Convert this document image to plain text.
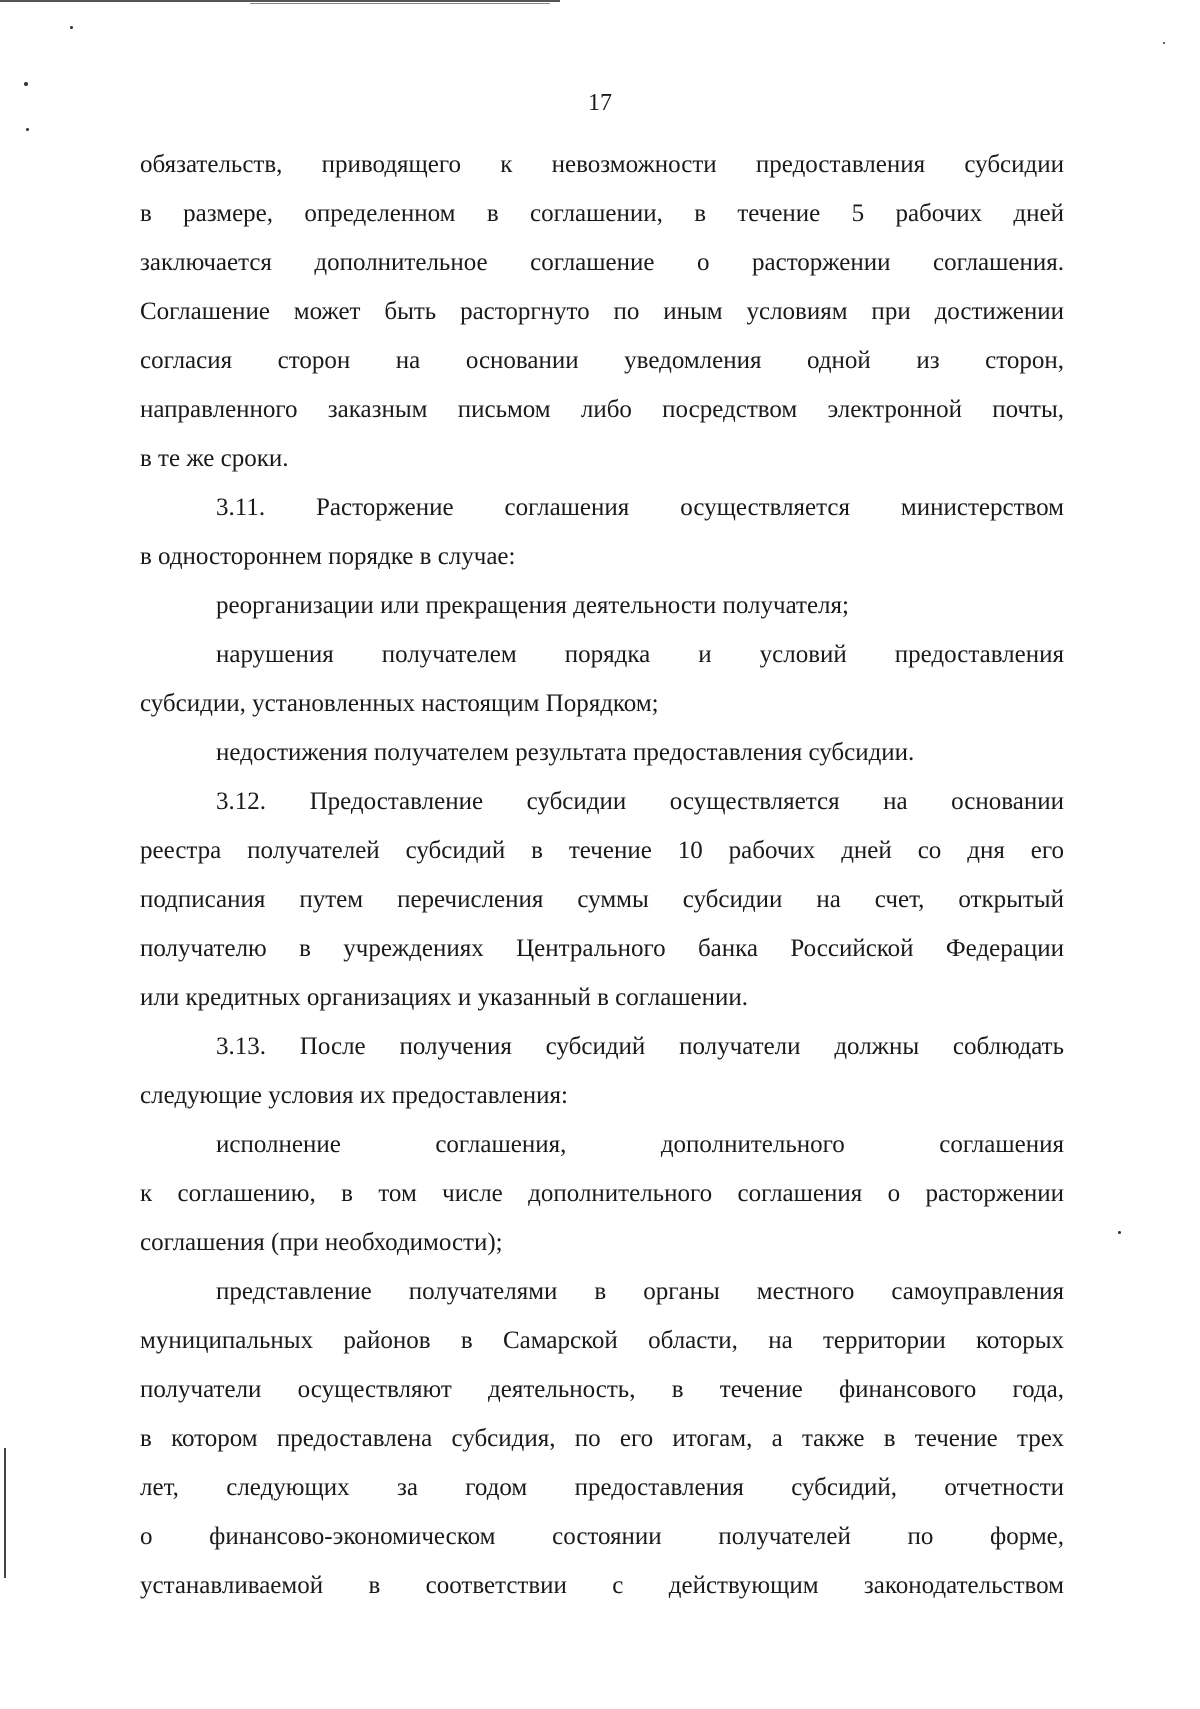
17
обязательств, приводящего к невозможности предоставления субсидии
в размере, определенном в соглашении, в течение 5 рабочих дней
заключается дополнительное соглашение о расторжении соглашения.
Соглашение может быть расторгнуто по иным условиям при достижении
согласия сторон на основании уведомления одной из сторон,
направленного заказным письмом либо посредством электронной почты,
в те же сроки.
3.11. Расторжение соглашения осуществляется министерством
в одностороннем порядке в случае:
реорганизации или прекращения деятельности получателя;
нарушения получателем порядка и условий предоставления
субсидии, установленных настоящим Порядком;
недостижения получателем результата предоставления субсидии.
3.12. Предоставление субсидии осуществляется на основании
реестра получателей субсидий в течение 10 рабочих дней со дня его
подписания путем перечисления суммы субсидии на счет, открытый
получателю в учреждениях Центрального банка Российской Федерации
или кредитных организациях и указанный в соглашении.
3.13. После получения субсидий получатели должны соблюдать
следующие условия их предоставления:
исполнение соглашения, дополнительного соглашения
к соглашению, в том числе дополнительного соглашения о расторжении
соглашения (при необходимости);
представление получателями в органы местного самоуправления
муниципальных районов в Самарской области, на территории которых
получатели осуществляют деятельность, в течение финансового года,
в котором предоставлена субсидия, по его итогам, а также в течение трех
лет, следующих за годом предоставления субсидий, отчетности
о финансово-экономическом состоянии получателей по форме,
устанавливаемой в соответствии с действующим законодательством
